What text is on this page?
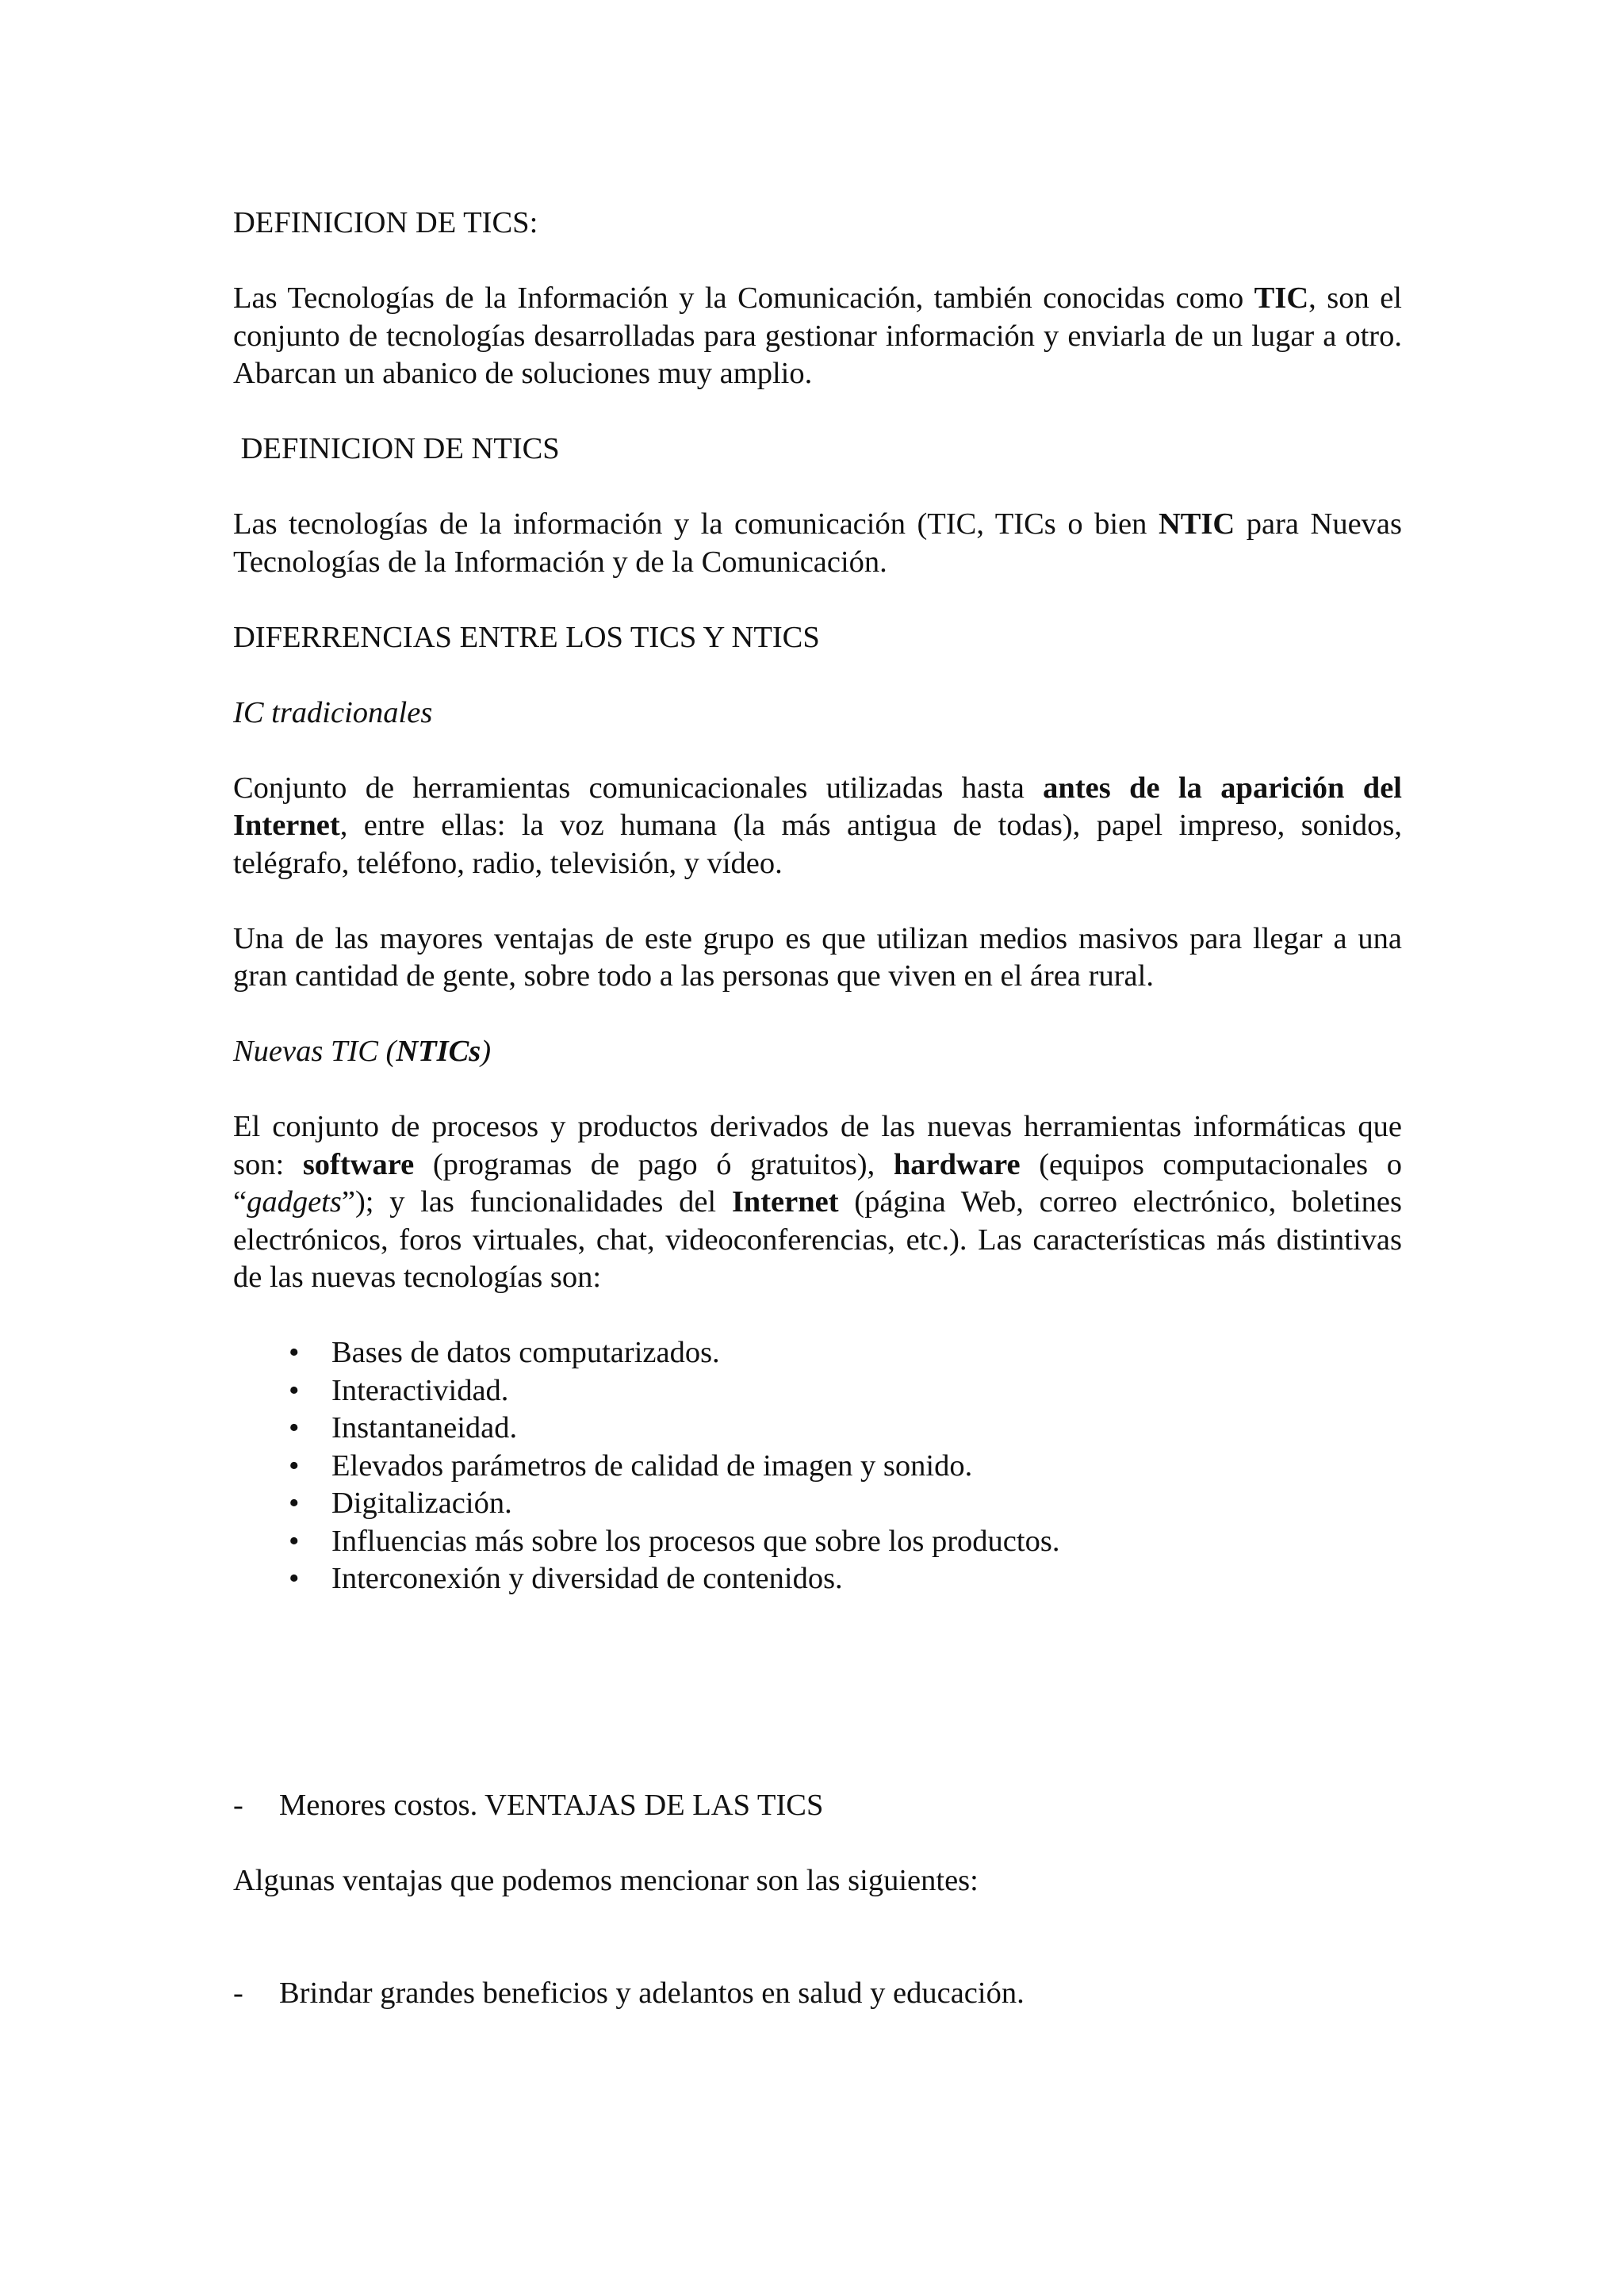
DEFINICION DE TICS:

Las Tecnologías de la Información y la Comunicación, también conocidas como TIC, son el conjunto de tecnologías desarrolladas para gestionar información y enviarla de un lugar a otro. Abarcan un abanico de soluciones muy amplio.

DEFINICION DE NTICS

Las tecnologías de la información y la comunicación (TIC, TICs o bien NTIC para Nuevas Tecnologías de la Información y de la Comunicación.

DIFERRENCIAS ENTRE LOS TICS Y NTICS

IC tradicionales

Conjunto de herramientas comunicacionales utilizadas hasta antes de la aparición del Internet, entre ellas: la voz humana (la más antigua de todas), papel impreso, sonidos, telégrafo, teléfono, radio, televisión, y vídeo.

Una de las mayores ventajas de este grupo es que utilizan medios masivos para llegar a una gran cantidad de gente, sobre todo a las personas que viven en el área rural.

Nuevas TIC (NTICs)

El conjunto de procesos y productos derivados de las nuevas herramientas informáticas que son: software (programas de pago ó gratuitos), hardware (equipos computacionales o “gadgets”); y las funcionalidades del Internet (página Web, correo electrónico, boletines electrónicos, foros virtuales, chat, videoconferencias, etc.). Las características más distintivas de las nuevas tecnologías son:

• Bases de datos computarizados.
• Interactividad.
• Instantaneidad.
• Elevados parámetros de calidad de imagen y sonido.
• Digitalización.
• Influencias más sobre los procesos que sobre los productos.
• Interconexión y diversidad de contenidos.

- Menores costos. VENTAJAS DE LAS TICS

Algunas ventajas que podemos mencionar son las siguientes:

- Brindar grandes beneficios y adelantos en salud y educación.
